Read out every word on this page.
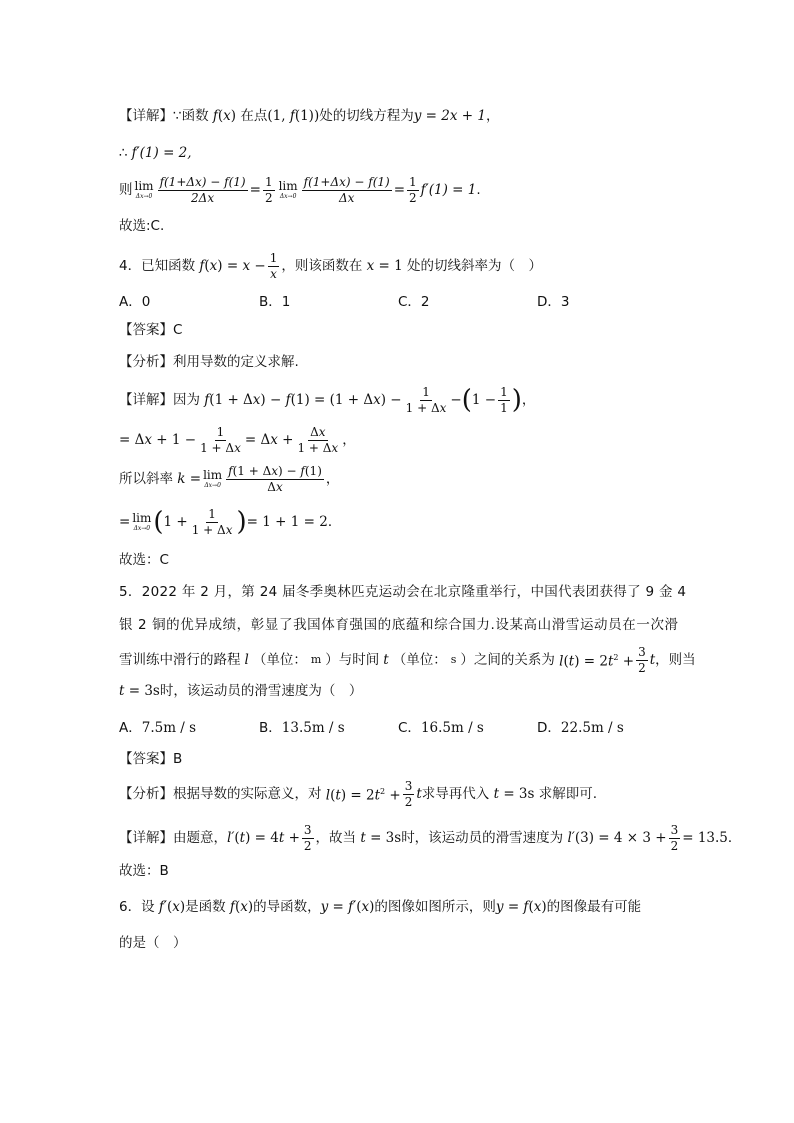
【详解】 ∵ 函数 f(x) 在点 (1, f(1)) 处的切线方程为 y = 2x + 1 ，
∴ f′(1) = 2,
则 lim
$\Delta x\to 0 \frac{f(1+\Delta x) - f(1)}{2\Delta x} = \frac{1}{2}$ lim
$\Delta x\to 0 \frac{f(1+\Delta x) - f(1)}{\Delta x} = \frac{1}{2} f'(1) = 1$ .
故选:C.
4．已知函数 $f(x) = x - \frac{1}{x}$ ，则该函数在 x = 1 处的切线斜率为（　）
A．0	B．1	C．2	D．3
【答案】C
【分析】利用导数的定义求解.
【详解】 因为 $f(1 + \Delta x) - f(1) = (1 + \Delta x) - \frac{1}{1 + \Delta x}$ − ( $1 - \frac{1}{1}$ ) ，
= $\Delta x + 1 - \frac{1}{1 + \Delta x} = \Delta x + \frac{\Delta x}{1 + \Delta x}$ ，
所以斜率 k = lim
$\Delta x\to 0 \frac{f(1 + \Delta x) - f(1)}{\Delta x}$ ，
= lim
Δx→0 ( $1 + \frac{1}{1 + \Delta x}$ ) = 1 + 1 = 2 ．
故选：C
5．2022 年 2 月，第 24 届冬季奥林匹克运动会在北京隆重举行，中国代表团获得了 9 金 4
银 2 铜的优异成绩，彰显了我国体育强国的底蕴和综合国力.设某高山滑雪运动员在一次滑
雪训练中滑行的路程 l （单位： m ）与时间 t （单位： s ）之间的关系为 $l(t) = 2t^2 + \frac{3}{2}$ t ，则当
t = 3s 时，该运动员的滑雪速度为（　）
A．7.5m / s	B．13.5m / s	C．16.5m / s	D．22.5m / s
【答案】B
【分析】根据导数的实际意义，对 $l(t) = 2t^2 + \frac{3}{2}$ t 求导再代入 t = 3s 求解即可.
【详解】由题意， $l'(t) = 4t + \frac{3}{2}$ ，故当 t = 3s 时，该运动员的滑雪速度为 $l'(3) = 4 \times 3 + \frac{3}{2} = 13.5$ ．
故选：B
6．设 f′(x) 是函数 f(x) 的导函数， y = f′(x) 的图像如图所示，则 y = f(x) 的图像最有可能
的是（　）
